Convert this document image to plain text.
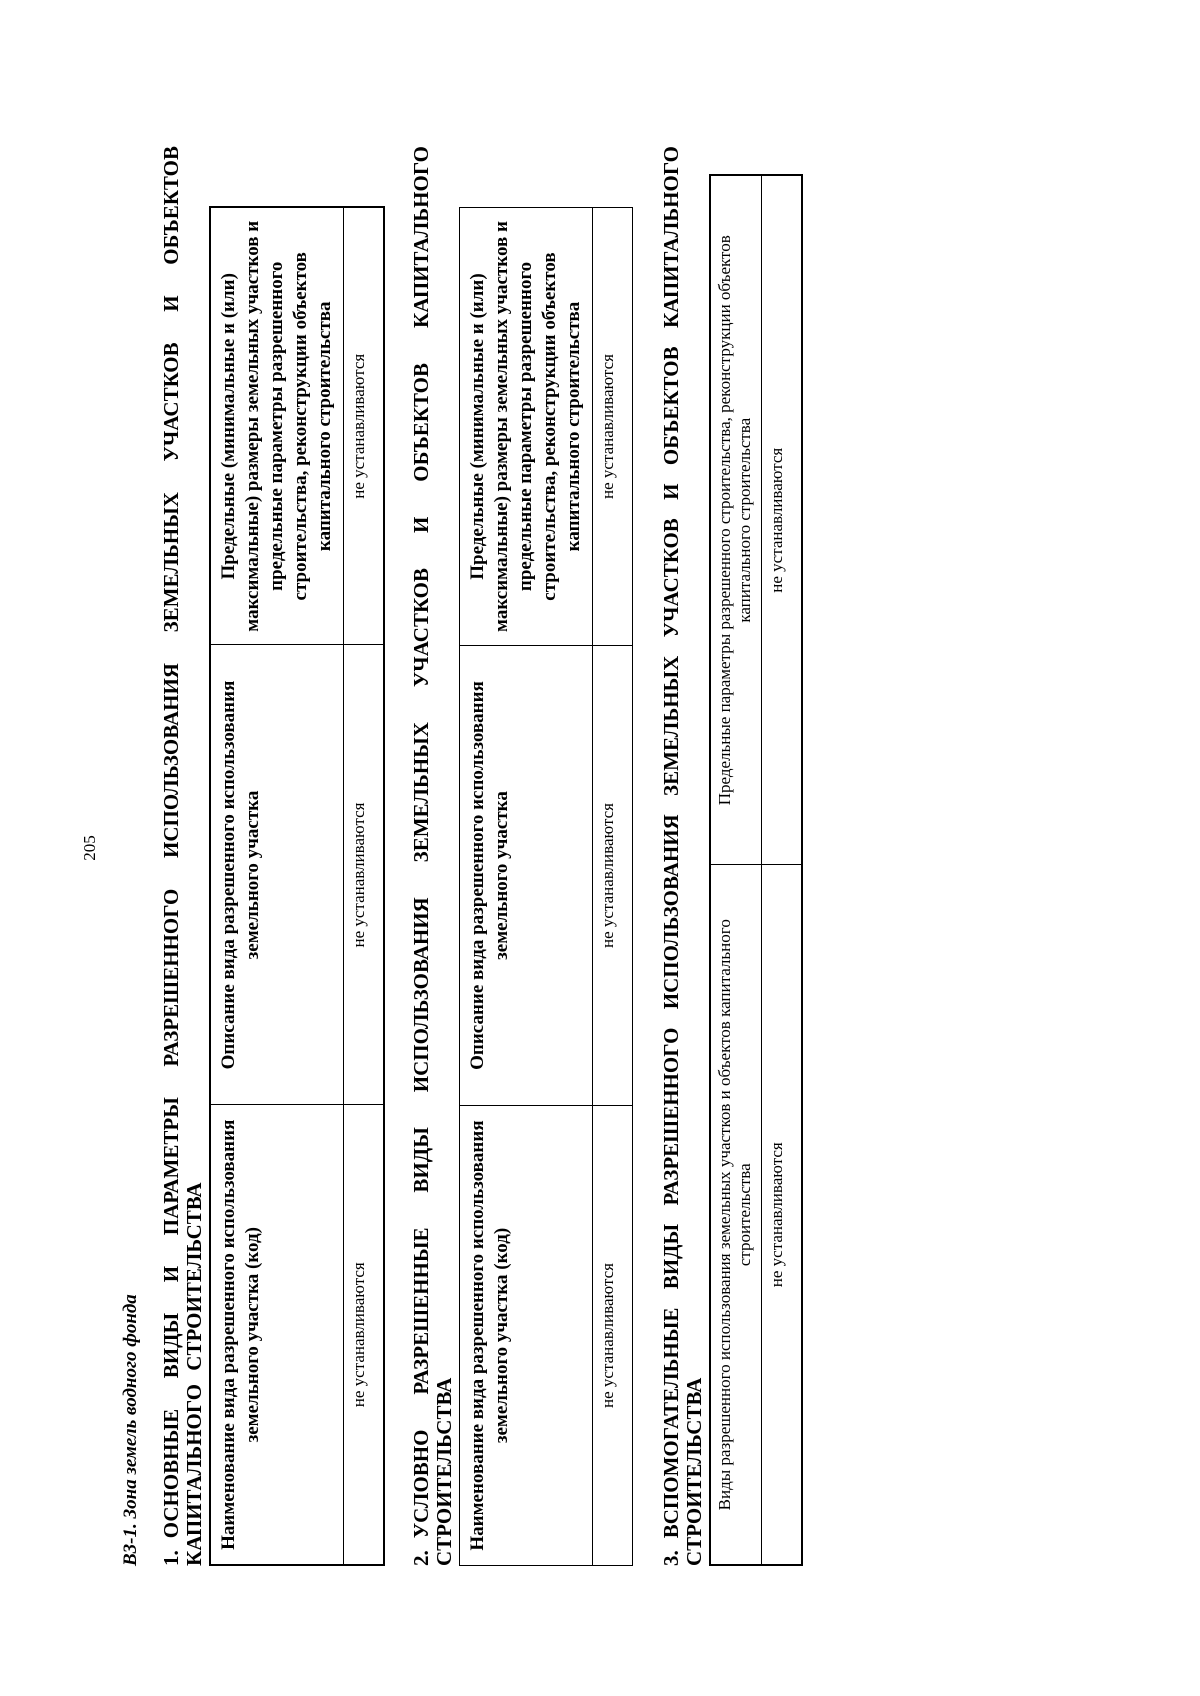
205
В3-1. Зона земель водного фонда 1.ОСНОВНЫЕ ВИДЫ И ПАРАМЕТРЫ РАЗРЕШЕННОГО ИСПОЛЬЗОВАНИЯ ЗЕМЕЛЬНЫХ УЧАСТКОВ И ОБЪЕКТОВ КАПИТАЛЬНОГО СТРОИТЕЛЬСТВА Наименование вида разрешенного использования земельного участка (код)	Описание вида разрешенного использования земельного участка	Предельные (минимальные и (или) максимальные) размеры земельных участков и предельные параметры разрешенного строительства, реконструкции объектов капитального строительства
не устанавливаются	не устанавливаются	не устанавливаются
2.УСЛОВНО РАЗРЕШЕННЫЕ ВИДЫ ИСПОЛЬЗОВАНИЯ ЗЕМЕЛЬНЫХ УЧАСТКОВ И ОБЪЕКТОВ КАПИТАЛЬНОГО СТРОИТЕЛЬСТВА Наименование вида разрешенного использования земельного участка (код)	Описание вида разрешенного использования земельного участка	Предельные (минимальные и (или) максимальные) размеры земельных участков и предельные параметры разрешенного строительства, реконструкции объектов капитального строительства
не устанавливаются	не устанавливаются	не устанавливаются
3.ВСПОМОГАТЕЛЬНЫЕ ВИДЫ РАЗРЕШЕННОГО ИСПОЛЬЗОВАНИЯ ЗЕМЕЛЬНЫХ УЧАСТКОВ И ОБЪЕКТОВ КАПИТАЛЬНОГО СТРОИТЕЛЬСТВА Виды разрешенного использования земельных участков и объектов капитального строительства	Предельные параметры разрешенного строительства, реконструкции объектов капитального строительства
не устанавливаются	не устанавливаются
